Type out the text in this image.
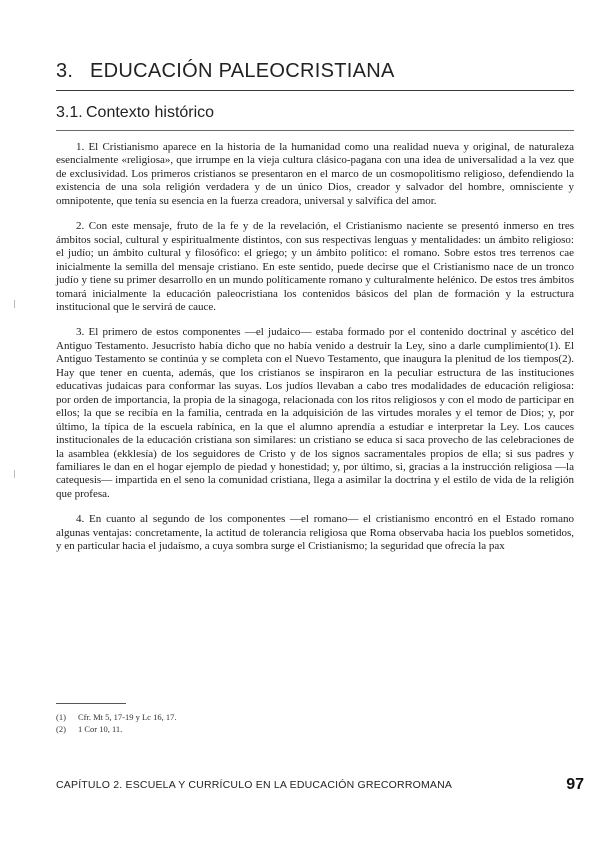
3. EDUCACIÓN PALEOCRISTIANA
3.1. Contexto histórico

1. El Cristianismo aparece en la historia de la humanidad como una realidad nueva y original, de naturaleza esencialmente «religiosa», que irrumpe en la vieja cultura clásico-pagana con una idea de universalidad a la vez que de exclusividad. Los primeros cristianos se presentaron en el marco de un cosmopolitismo religioso, defendiendo la existencia de una sola religión verdadera y de un único Dios, creador y salvador del hombre, omnisciente y omnipotente, que tenía su esencia en la fuerza creadora, universal y salvífica del amor.

2. Con este mensaje, fruto de la fe y de la revelación, el Cristianismo naciente se presentó inmerso en tres ámbitos social, cultural y espiritualmente distintos, con sus respectivas lenguas y mentalidades: un ámbito religioso: el judío; un ámbito cultural y filosófico: el griego; y un ámbito político: el romano. Sobre estos tres terrenos cae inicialmente la semilla del mensaje cristiano. En este sentido, puede decirse que el Cristianismo nace de un tronco judío y tiene su primer desarrollo en un mundo políticamente romano y culturalmente helénico. De estos tres ámbitos tomará inicialmente la educación paleocristiana los contenidos básicos del plan de formación y la estructura institucional que le servirá de cauce.

3. El primero de estos componentes —el judaico— estaba formado por el contenido doctrinal y ascético del Antiguo Testamento. Jesucristo había dicho que no había venido a destruir la Ley, sino a darle cumplimiento(1). El Antiguo Testamento se continúa y se completa con el Nuevo Testamento, que inaugura la plenitud de los tiempos(2). Hay que tener en cuenta, además, que los cristianos se inspiraron en la peculiar estructura de las instituciones educativas judaicas para conformar las suyas. Los judíos llevaban a cabo tres modalidades de educación religiosa: por orden de importancia, la propia de la sinagoga, relacionada con los ritos religiosos y con el modo de participar en ellos; la que se recibía en la familia, centrada en la adquisición de las virtudes morales y el temor de Dios; y, por último, la típica de la escuela rabínica, en la que el alumno aprendía a estudiar e interpretar la Ley. Los cauces institucionales de la educación cristiana son similares: un cristiano se educa si saca provecho de las celebraciones de la asamblea (ekklesía) de los seguidores de Cristo y de los signos sacramentales propios de ella; si sus padres y familiares le dan en el hogar ejemplo de piedad y honestidad; y, por último, si, gracias a la instrucción religiosa —la catequesis— impartida en el seno la comunidad cristiana, llega a asimilar la doctrina y el estilo de vida de la religión que profesa.

4. En cuanto al segundo de los componentes —el romano— el cristianismo encontró en el Estado romano algunas ventajas: concretamente, la actitud de tolerancia religiosa que Roma observaba hacia los pueblos sometidos, y en particular hacia el judaísmo, a cuya sombra surge el Cristianismo; la seguridad que ofrecía la pax

(1) Cfr. Mt 5, 17-19 y Lc 16, 17.
(2) 1 Cor 10, 11.
CAPÍTULO 2. ESCUELA Y CURRÍCULO EN LA EDUCACIÓN GRECORROMANA	97
